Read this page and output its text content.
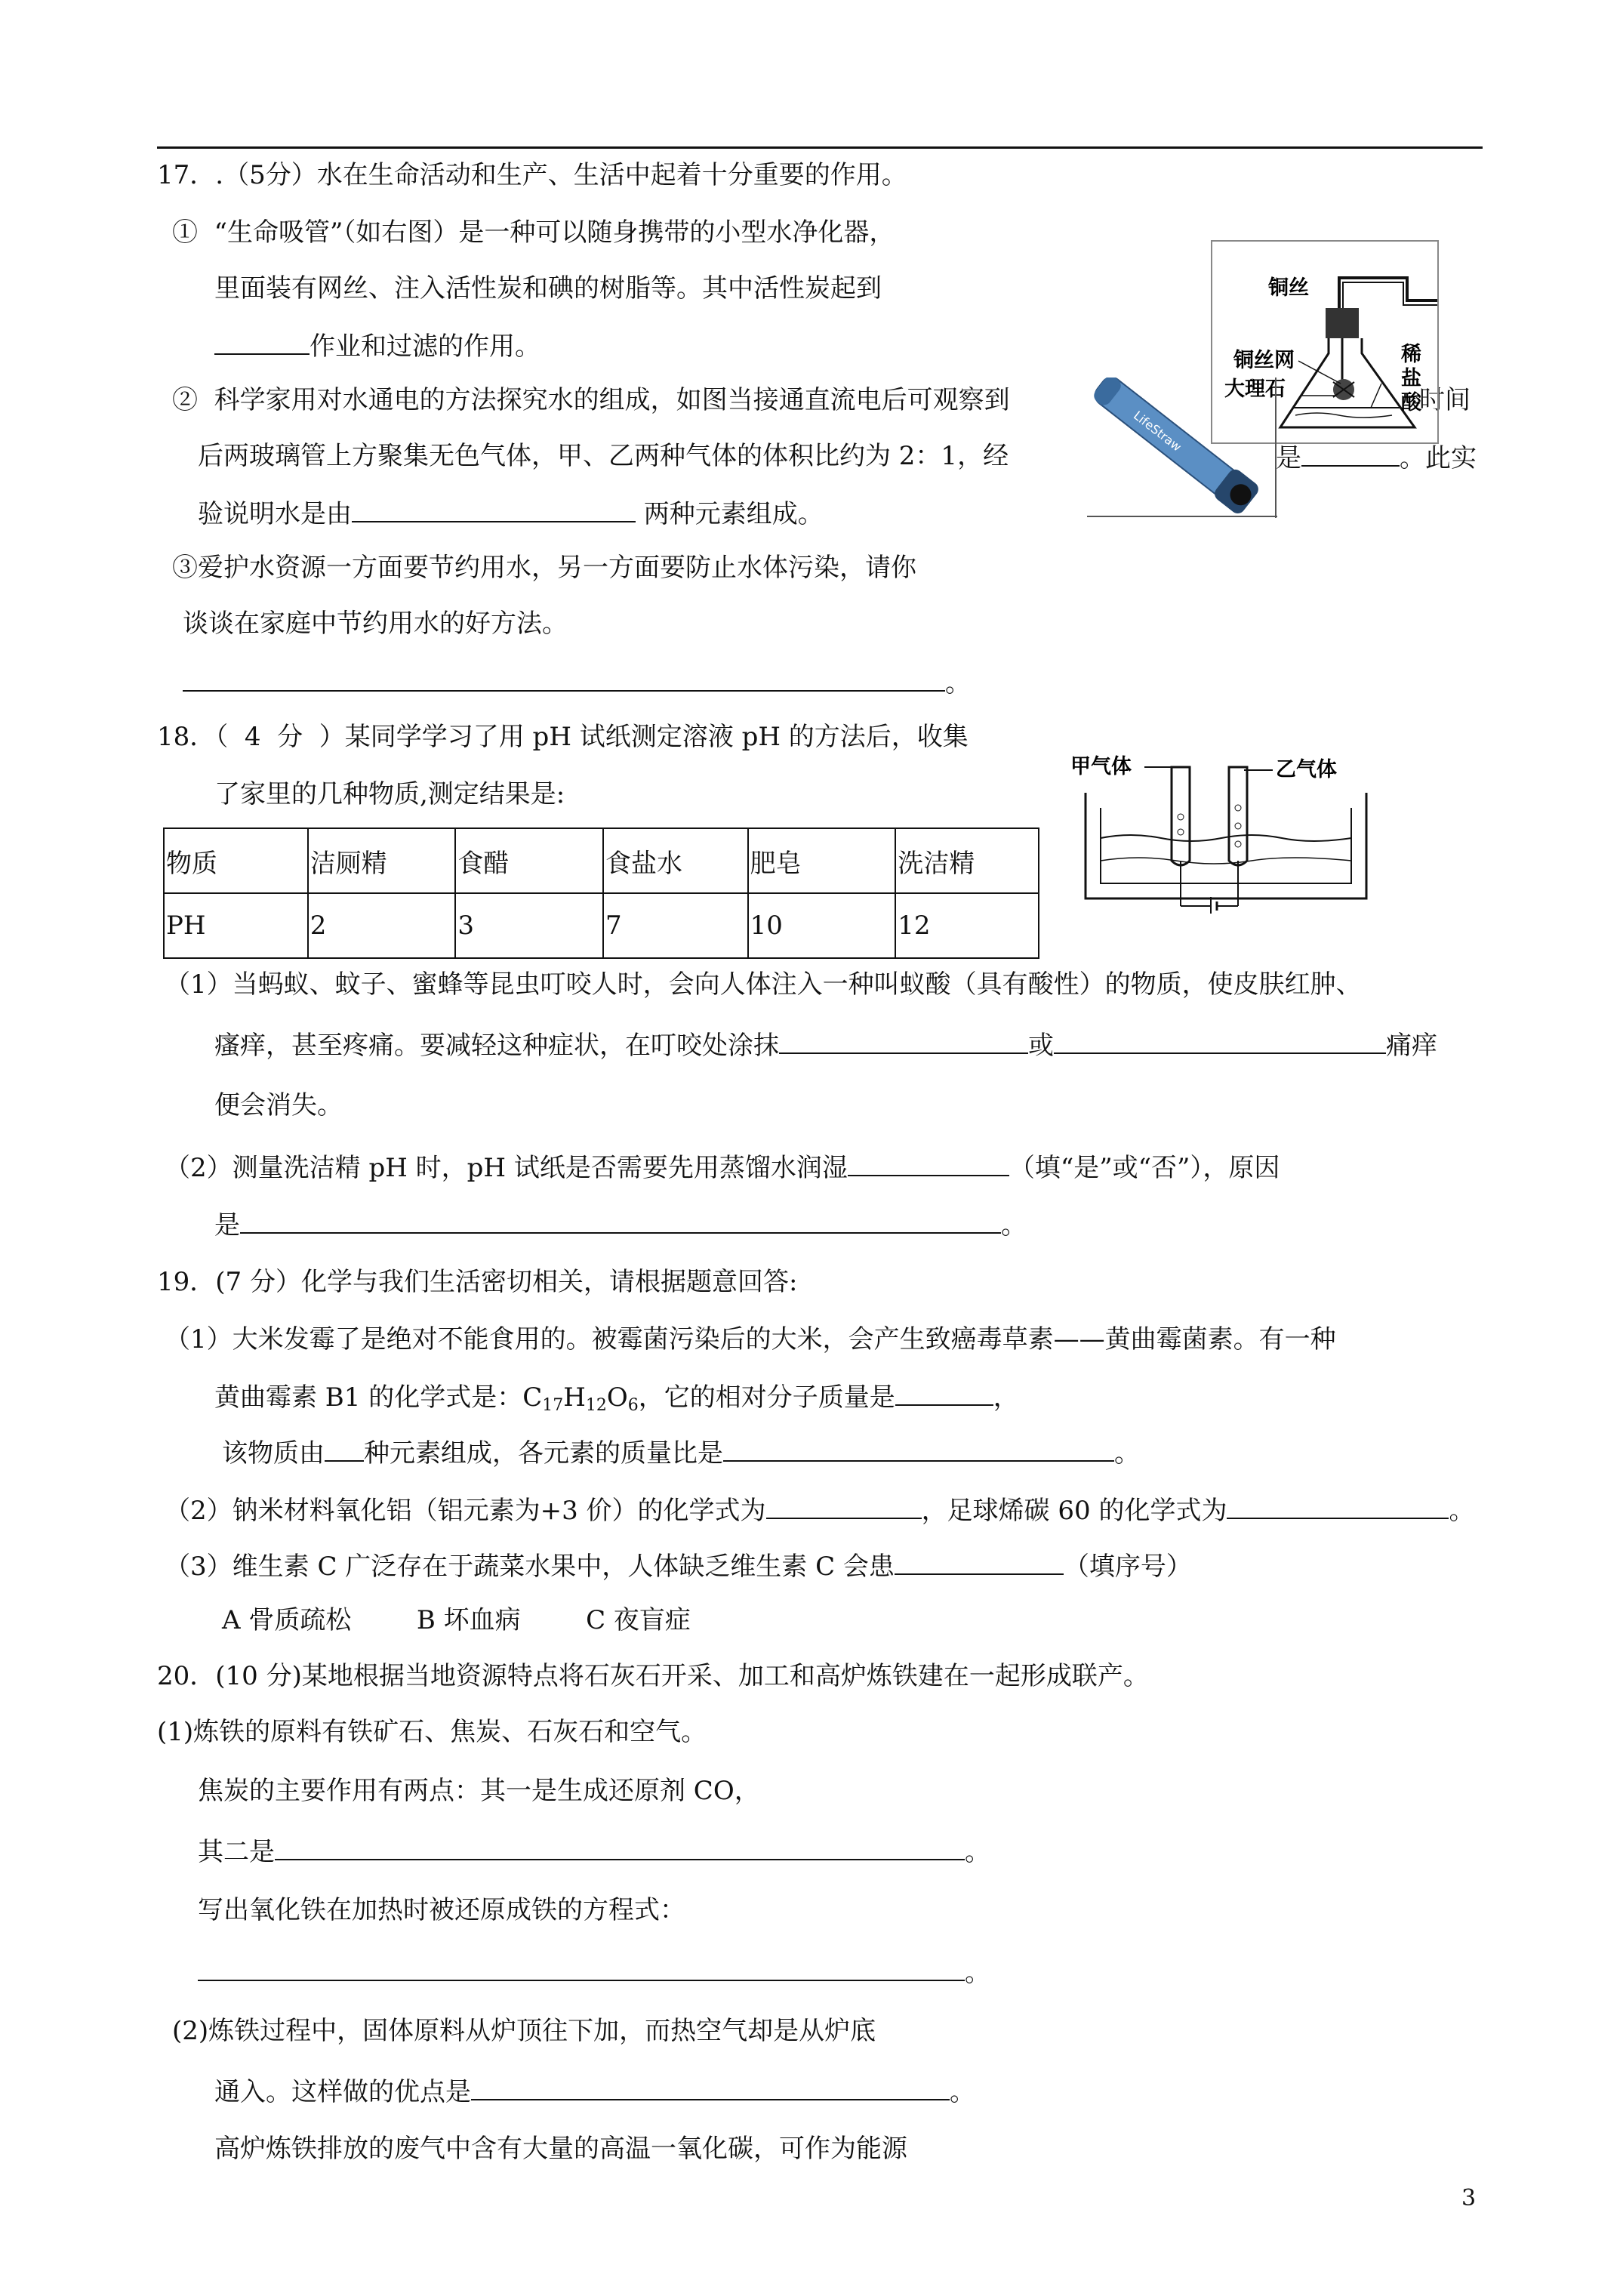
17．.（5分）水在生命活动和生产、生活中起着十分重要的作用。
①  “生命吸管”（如右图）是一种可以随身携带的小型水净化器，
里面装有网丝、注入活性炭和碘的树脂等。其中活性炭起到
作业和过滤的作用。
②  科学家用对水通电的方法探究水的组成，如图当接通直流电后可观察到	时间
后两玻璃管上方聚集无色气体，甲、乙两种气体的体积比约为 2：1，经	是	。此实
验说明水是由	两种元素组成。
③爱护水资源一方面要节约用水，另一方面要防止水体污染，请你
谈谈在家庭中节约用水的好方法。
。
铜丝
铜丝网
大理石
稀
盐
酸
LifeStraw
18．（  4  分  ）某同学学习了用 pH 试纸测定溶液 pH 的方法后，收集
了家里的几种物质,测定结果是:
物质	洁厕精	食醋	食盐水	肥皂	洗洁精
PH	2	3	7	10	12
甲气体	乙气体
（1）当蚂蚁、蚊子、蜜蜂等昆虫叮咬人时，会向人体注入一种叫蚁酸（具有酸性）的物质，使皮肤红肿、
瘙痒，甚至疼痛。要减轻这种症状，在叮咬处涂抹	或	痛痒
便会消失。
（2）测量洗洁精 pH 时，pH 试纸是否需要先用蒸馏水润湿	（填“是”或“否”），原因
是	。
19．(7 分）化学与我们生活密切相关，请根据题意回答:
（1）大米发霉了是绝对不能食用的。被霉菌污染后的大米，会产生致癌毒草素——黄曲霉菌素。有一种
黄曲霉素 B1 的化学式是：$C_{17}H_{12}O_6$，它的相对分子质量是	，
该物质由 种元素组成，各元素的质量比是	。
（2）钠米材料氧化铝（铝元素为+3 价）的化学式为	，足球烯碳 60 的化学式为	。
（3）维生素 C 广泛存在于蔬菜水果中，人体缺乏维生素 C 会患	（填序号）
A 骨质疏松        B 坏血病        C 夜盲症
20．(10 分)某地根据当地资源特点将石灰石开采、加工和高炉炼铁建在一起形成联产。
(1)炼铁的原料有铁矿石、焦炭、石灰石和空气。
焦炭的主要作用有两点：其一是生成还原剂 CO，
其二是	。
写出氧化铁在加热时被还原成铁的方程式：
。
(2)炼铁过程中，固体原料从炉顶往下加，而热空气却是从炉底
通入。这样做的优点是	。
高炉炼铁排放的废气中含有大量的高温一氧化碳，可作为能源
3
